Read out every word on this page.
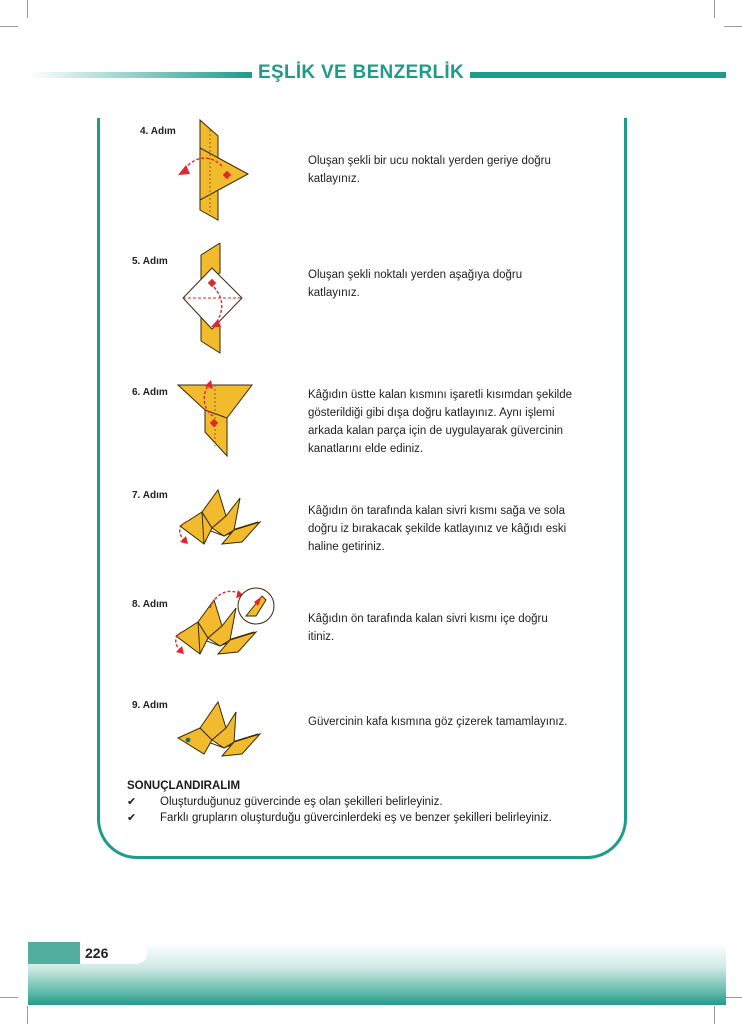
EŞLİK VE BENZERLİK
4. Adım
Oluşan şekli bir ucu noktalı yerden geriye doğru
katlayınız.
5. Adım
Oluşan şekli noktalı yerden aşağıya doğru
katlayınız.
6. Adım	Kâğıdın üstte kalan kısmını işaretli kısımdan şekilde
gösterildiği gibi dışa doğru katlayınız. Aynı işlemi
arkada kalan parça için de uygulayarak güvercinin
kanatlarını elde ediniz.
7. Adım
Kâğıdın ön tarafında kalan sivri kısmı sağa ve sola
doğru iz bırakacak şekilde katlayınız ve kâğıdı eski
haline getiriniz.
8. Adım
Kâğıdın ön tarafında kalan sivri kısmı içe doğru
itiniz.
9. Adım
Güvercinin kafa kısmına göz çizerek tamamlayınız.
SONUÇLANDIRALIM
✔ Oluşturduğunuz güvercinde eş olan şekilleri belirleyiniz.
✔ Farklı grupların oluşturduğu güvercinlerdeki eş ve benzer şekilleri belirleyiniz.
226
